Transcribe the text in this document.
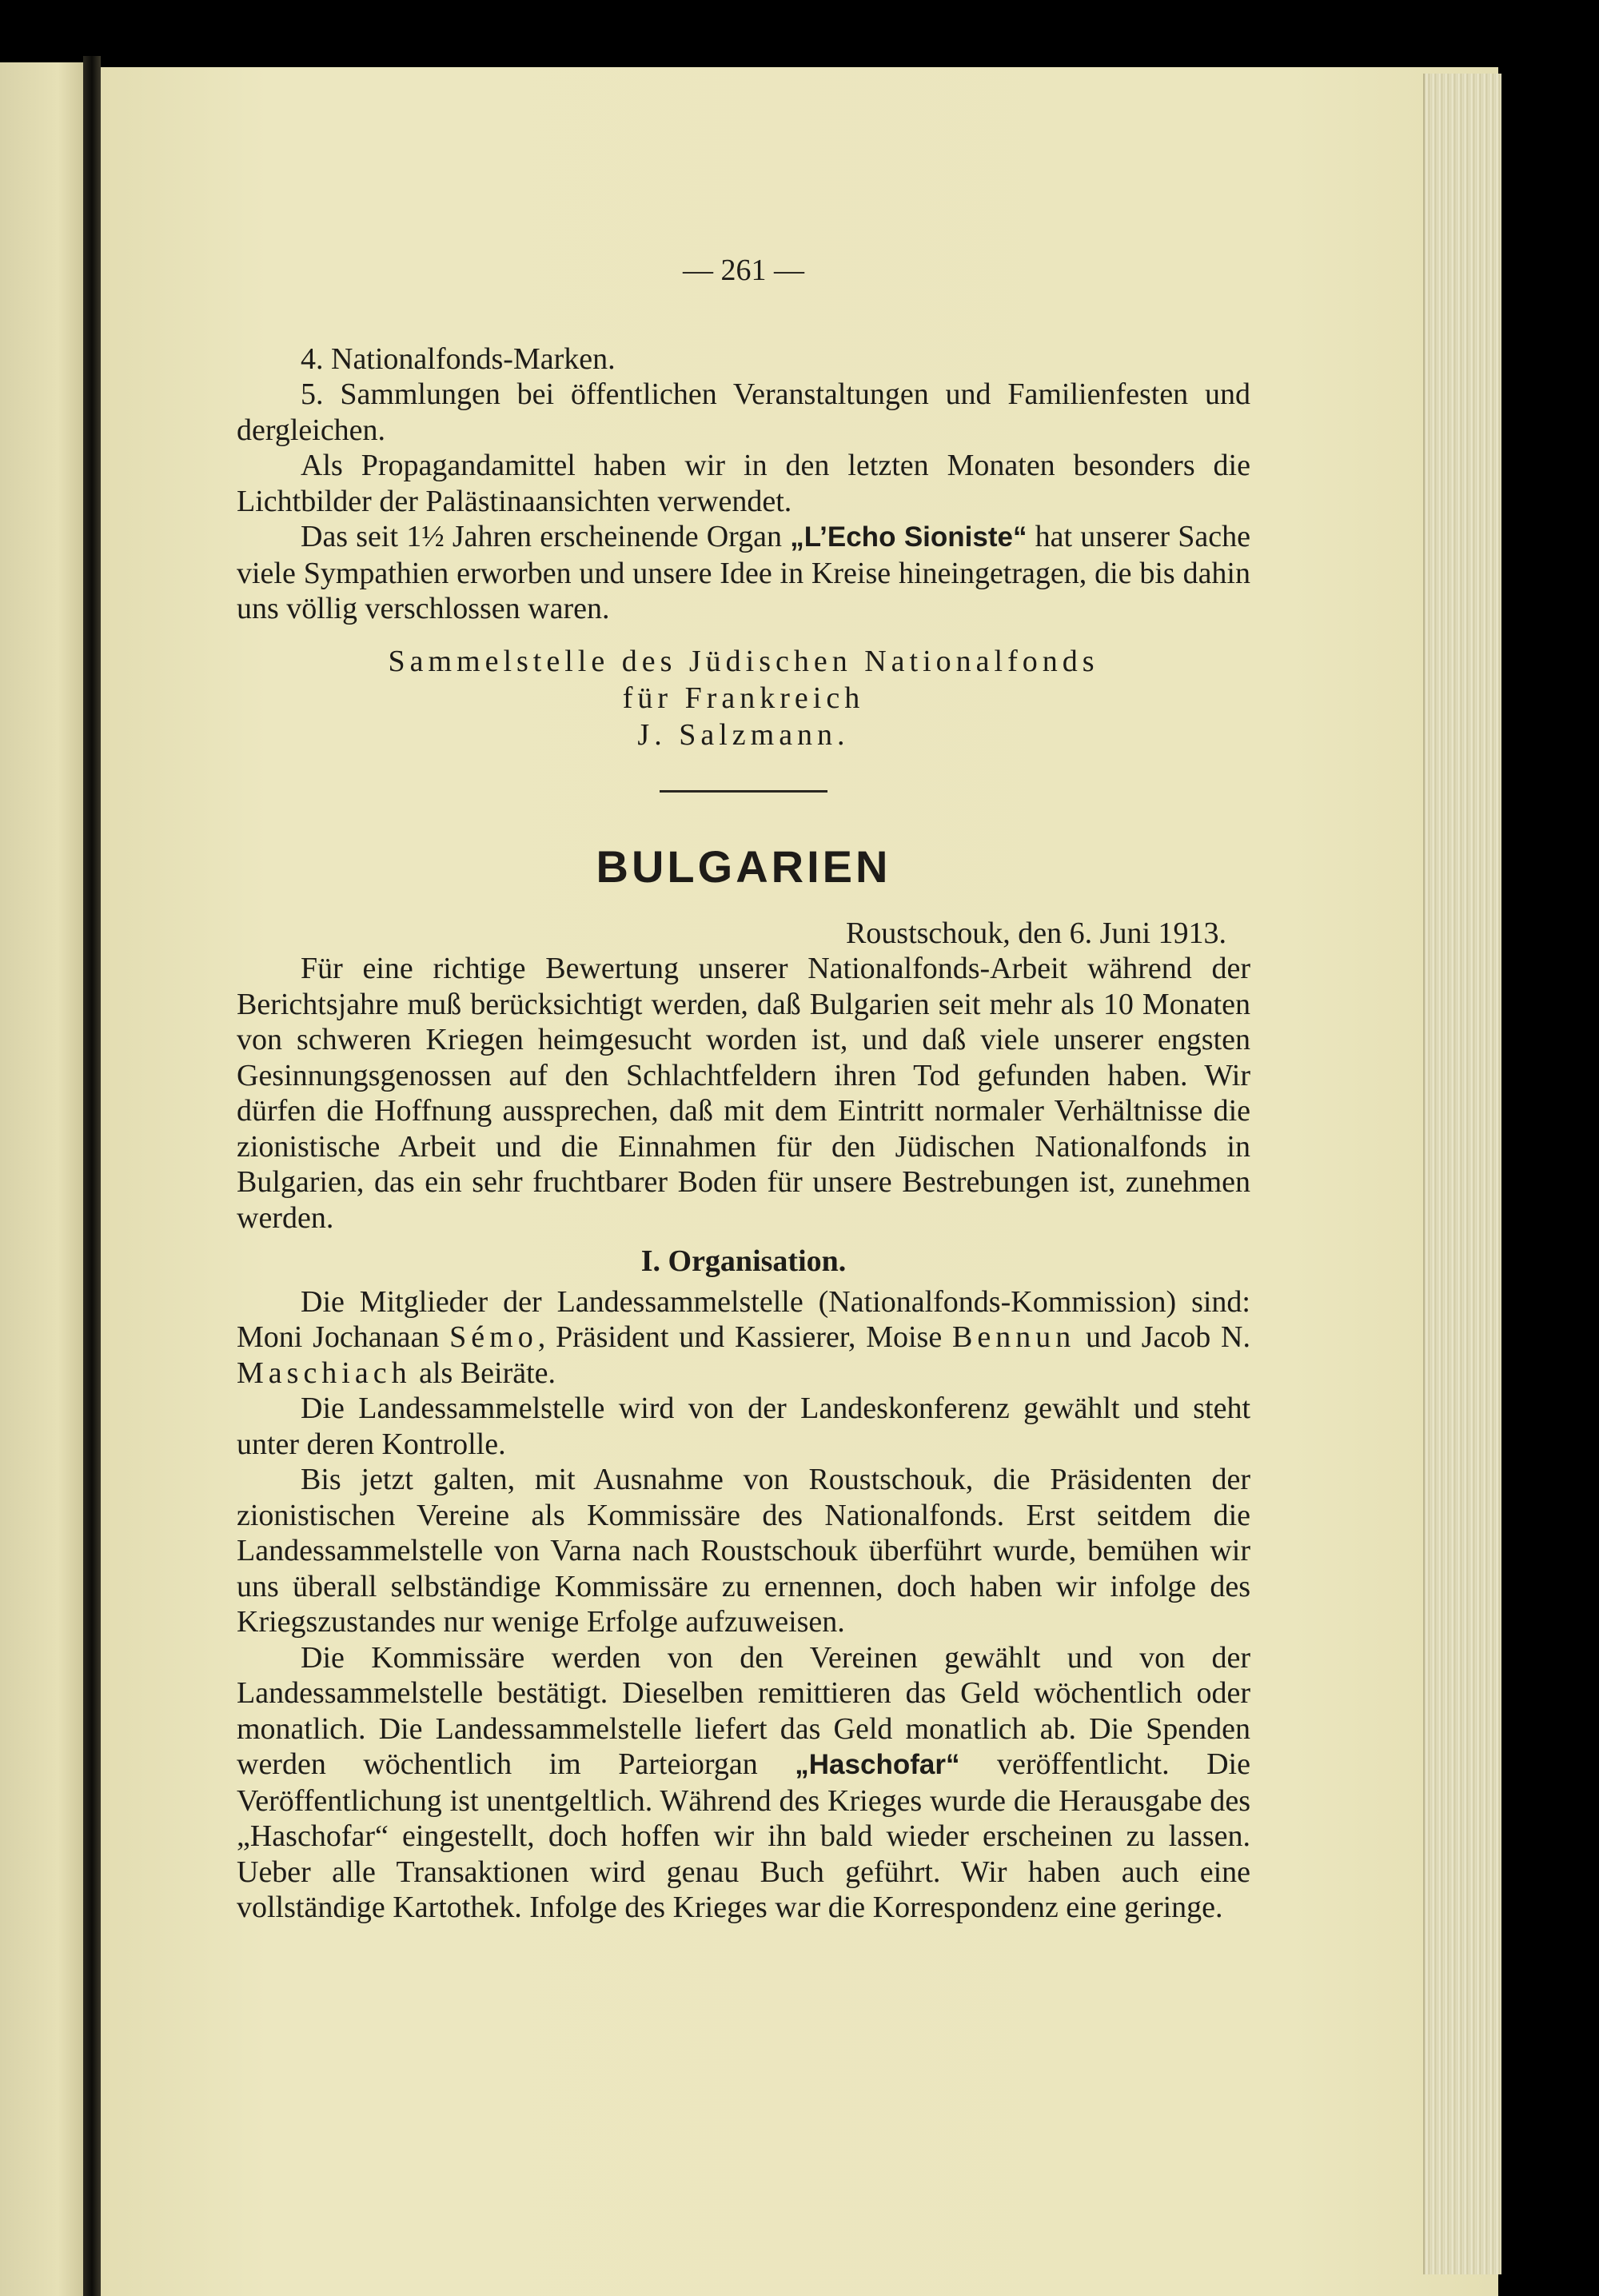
— 261 —
4. Nationalfonds-Marken.

5. Sammlungen bei öffentlichen Veranstaltungen und Familienfesten und dergleichen.

Als Propagandamittel haben wir in den letzten Monaten besonders die Lichtbilder der Palästinaansichten verwendet.

Das seit 1½ Jahren erscheinende Organ „L’Echo Sioniste“ hat unserer Sache viele Sympathien erworben und unsere Idee in Kreise hineingetragen, die bis dahin uns völlig verschlossen waren.

Sammelstelle des Jüdischen Nationalfonds
für Frankreich
J. Salzmann.
BULGARIEN
Roustschouk, den 6. Juni 1913.

Für eine richtige Bewertung unserer Nationalfonds-Arbeit während der Berichtsjahre muß berücksichtigt werden, daß Bulgarien seit mehr als 10 Monaten von schweren Kriegen heimgesucht worden ist, und daß viele unserer engsten Gesinnungsgenossen auf den Schlachtfeldern ihren Tod gefunden haben. Wir dürfen die Hoffnung aussprechen, daß mit dem Eintritt normaler Verhältnisse die zionistische Arbeit und die Einnahmen für den Jüdischen Nationalfonds in Bulgarien, das ein sehr fruchtbarer Boden für unsere Bestrebungen ist, zunehmen werden.

I. Organisation.

Die Mitglieder der Landessammelstelle (Nationalfonds-Kommission) sind: Moni Jochanaan Sémo, Präsident und Kassierer, Moise Bennun und Jacob N. Maschiach als Beiräte.

Die Landessammelstelle wird von der Landeskonferenz gewählt und steht unter deren Kontrolle.

Bis jetzt galten, mit Ausnahme von Roustschouk, die Präsidenten der zionistischen Vereine als Kommissäre des Nationalfonds. Erst seitdem die Landessammelstelle von Varna nach Roustschouk überführt wurde, bemühen wir uns überall selbständige Kommissäre zu ernennen, doch haben wir infolge des Kriegszustandes nur wenige Erfolge aufzuweisen.

Die Kommissäre werden von den Vereinen gewählt und von der Landessammelstelle bestätigt. Dieselben remittieren das Geld wöchentlich oder monatlich. Die Landessammelstelle liefert das Geld monatlich ab. Die Spenden werden wöchentlich im Parteiorgan „Haschofar“ veröffentlicht. Die Veröffentlichung ist unentgeltlich. Während des Krieges wurde die Herausgabe des „Haschofar“ eingestellt, doch hoffen wir ihn bald wieder erscheinen zu lassen. Ueber alle Transaktionen wird genau Buch geführt. Wir haben auch eine vollständige Kartothek. Infolge des Krieges war die Korrespondenz eine geringe.
